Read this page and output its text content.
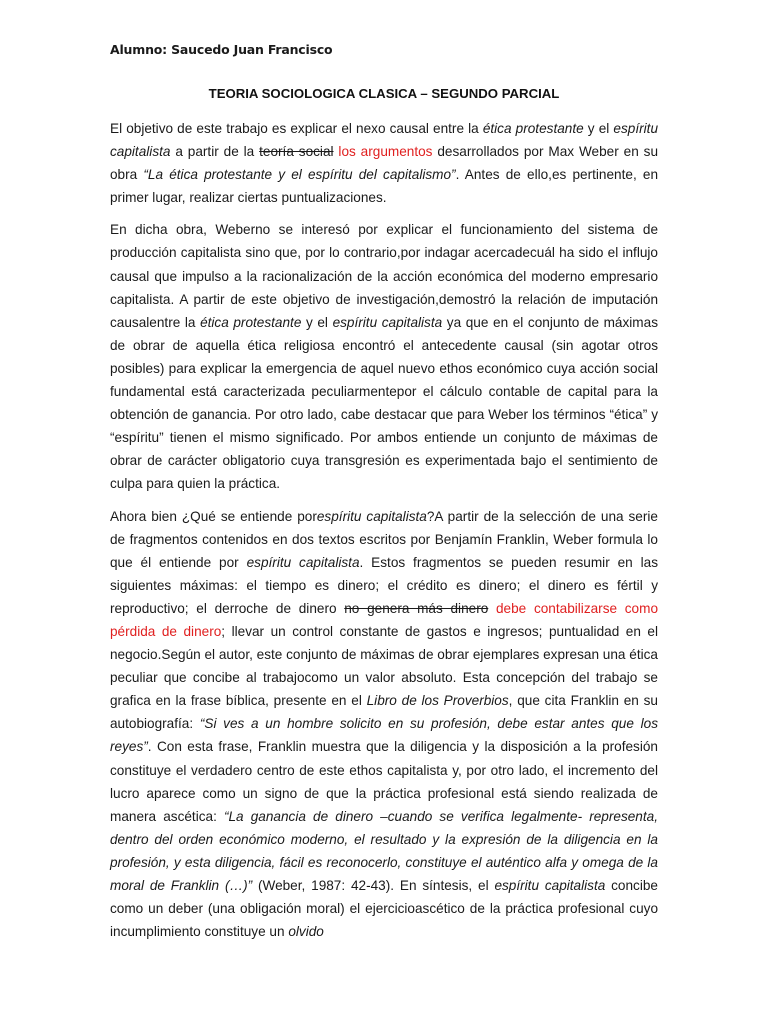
Alumno: Saucedo Juan Francisco
TEORIA SOCIOLOGICA CLASICA – SEGUNDO PARCIAL

El objetivo de este trabajo es explicar el nexo causal entre la ética protestante y el espíritu capitalista a partir de la teoría social los argumentos desarrollados por Max Weber en su obra “La ética protestante y el espíritu del capitalismo”. Antes de ello,es pertinente, en primer lugar, realizar ciertas puntualizaciones.

En dicha obra, Weberno se interesó por explicar el funcionamiento del sistema de producción capitalista sino que, por lo contrario,por indagar acercadecuál ha sido el influjo causal que impulso a la racionalización de la acción económica del moderno empresario capitalista. A partir de este objetivo de investigación,demostró la relación de imputación causalentre la ética protestante y el espíritu capitalista ya que en el conjunto de máximas de obrar de aquella ética religiosa encontró el antecedente causal (sin agotar otros posibles) para explicar la emergencia de aquel nuevo ethos económico cuya acción social fundamental está caracterizada peculiarmentepor el cálculo contable de capital para la obtención de ganancia. Por otro lado, cabe destacar que para Weber los términos “ética” y “espíritu” tienen el mismo significado. Por ambos entiende un conjunto de máximas de obrar de carácter obligatorio cuya transgresión es experimentada bajo el sentimiento de culpa para quien la práctica.

Ahora bien ¿Qué se entiende porespíritu capitalista?A partir de la selección de una serie de fragmentos contenidos en dos textos escritos por Benjamín Franklin, Weber formula lo que él entiende por espíritu capitalista. Estos fragmentos se pueden resumir en las siguientes máximas: el tiempo es dinero; el crédito es dinero; el dinero es fértil y reproductivo; el derroche de dinero no genera más dinero debe contabilizarse como pérdida de dinero; llevar un control constante de gastos e ingresos; puntualidad en el negocio.Según el autor, este conjunto de máximas de obrar ejemplares expresan una ética peculiar que concibe al trabajocomo un valor absoluto. Esta concepción del trabajo se grafica en la frase bíblica, presente en el Libro de los Proverbios, que cita Franklin en su autobiografía: “Si ves a un hombre solicito en su profesión, debe estar antes que los reyes”. Con esta frase, Franklin muestra que la diligencia y la disposición a la profesión constituye el verdadero centro de este ethos capitalista y, por otro lado, el incremento del lucro aparece como un signo de que la práctica profesional está siendo realizada de manera ascética: “La ganancia de dinero –cuando se verifica legalmente- representa, dentro del orden económico moderno, el resultado y la expresión de la diligencia en la profesión, y esta diligencia, fácil es reconocerlo, constituye el auténtico alfa y omega de la moral de Franklin (…)” (Weber, 1987: 42-43). En síntesis, el espíritu capitalista concibe como un deber (una obligación moral) el ejercicioascético de la práctica profesional cuyo incumplimiento constituye un olvido
